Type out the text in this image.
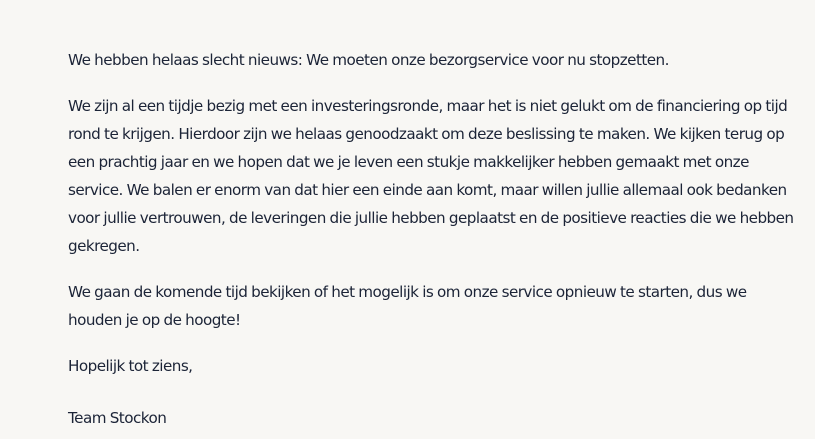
We hebben helaas slecht nieuws: We moeten onze bezorgservice voor nu stopzetten.

We zijn al een tijdje bezig met een investeringsronde, maar het is niet gelukt om de financiering op tijd rond te krijgen. Hierdoor zijn we helaas genoodzaakt om deze beslissing te maken. We kijken terug op een prachtig jaar en we hopen dat we je leven een stukje makkelijker hebben gemaakt met onze service. We balen er enorm van dat hier een einde aan komt, maar willen jullie allemaal ook bedanken voor jullie vertrouwen, de leveringen die jullie hebben geplaatst en de positieve reacties die we hebben gekregen.

We gaan de komende tijd bekijken of het mogelijk is om onze service opnieuw te starten, dus we houden je op de hoogte!

Hopelijk tot ziens,

Team Stockon
